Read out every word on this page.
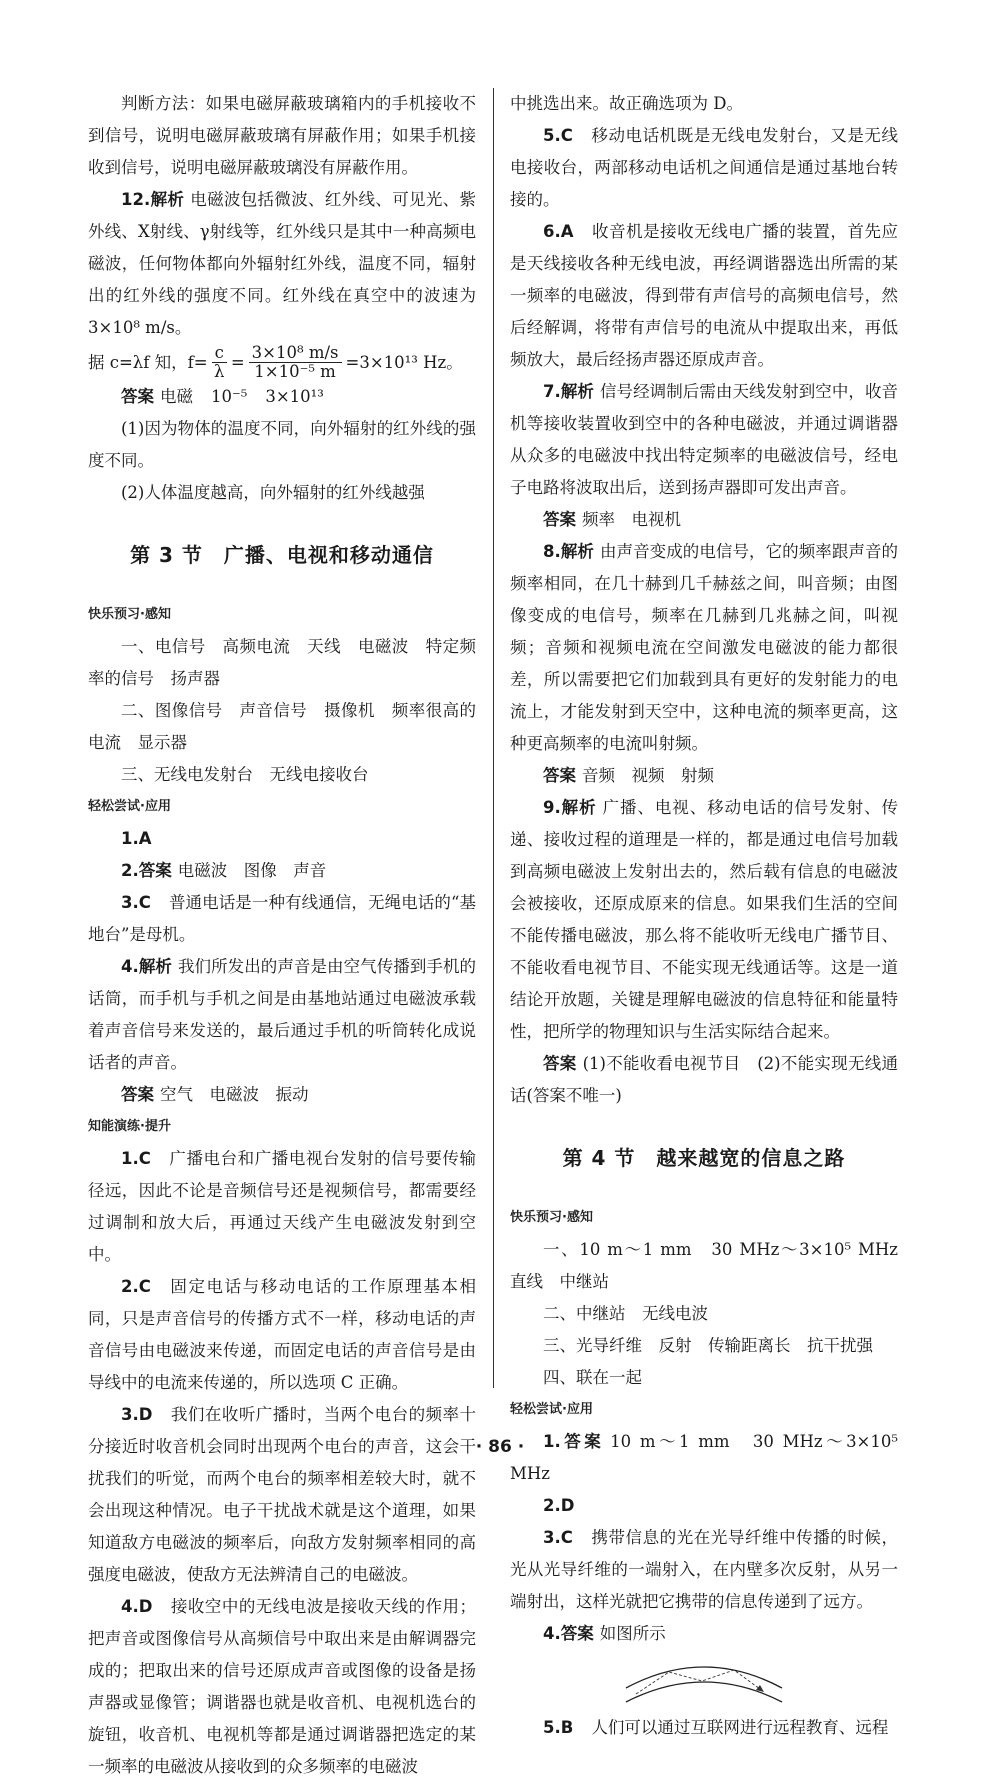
判断方法：如果电磁屏蔽玻璃箱内的手机接收不到信号，说明电磁屏蔽玻璃有屏蔽作用；如果手机接收到信号，说明电磁屏蔽玻璃没有屏蔽作用。

12.解析 电磁波包括微波、红外线、可见光、紫外线、X射线、γ射线等，红外线只是其中一种高频电磁波，任何物体都向外辐射红外线，温度不同，辐射出的红外线的强度不同。红外线在真空中的波速为 3×10⁸ m/s。

据 c=λf 知，$f= \frac{c}{\lambda} = \frac{\text{3×10⁸ m/s}}{\text{1×10⁻⁵ m}} =3\times 10^{13}$ Hz。

答案 电磁 10⁻⁵ 3×10¹³

(1)因为物体的温度不同，向外辐射的红外线的强度不同。

(2)人体温度越高，向外辐射的红外线越强

第 3 节　广播、电视和移动通信

快乐预习·感知

一、电信号　高频电流　天线　电磁波　特定频率的信号　扬声器

二、图像信号　声音信号　摄像机　频率很高的电流　显示器

三、无线电发射台　无线电接收台

轻松尝试·应用

1.A

2.答案 电磁波　图像　声音

3.C 普通电话是一种有线通信，无绳电话的“基地台”是母机。

4.解析 我们所发出的声音是由空气传播到手机的话筒，而手机与手机之间是由基地站通过电磁波承载着声音信号来发送的，最后通过手机的听筒转化成说话者的声音。

答案 空气　电磁波　振动

知能演练·提升

1.C 广播电台和广播电视台发射的信号要传输径远，因此不论是音频信号还是视频信号，都需要经过调制和放大后，再通过天线产生电磁波发射到空中。

2.C 固定电话与移动电话的工作原理基本相同，只是声音信号的传播方式不一样，移动电话的声音信号由电磁波来传递，而固定电话的声音信号是由导线中的电流来传递的，所以选项 C 正确。

3.D 我们在收听广播时，当两个电台的频率十分接近时收音机会同时出现两个电台的声音，这会干扰我们的听觉，而两个电台的频率相差较大时，就不会出现这种情况。电子干扰战术就是这个道理，如果知道敌方电磁波的频率后，向敌方发射频率相同的高强度电磁波，使敌方无法辨清自己的电磁波。

4.D 接收空中的无线电波是接收天线的作用；把声音或图像信号从高频信号中取出来是由解调器完成的；把取出来的信号还原成声音或图像的设备是扬声器或显像管；调谐器也就是收音机、电视机选台的旋钮，收音机、电视机等都是通过调谐器把选定的某一频率的电磁波从接收到的众多频率的电磁波

中挑选出来。故正确选项为 D。

5.C 移动电话机既是无线电发射台，又是无线电接收台，两部移动电话机之间通信是通过基地台转接的。

6.A 收音机是接收无线电广播的装置，首先应是天线接收各种无线电波，再经调谐器选出所需的某一频率的电磁波，得到带有声信号的高频电信号，然后经解调，将带有声信号的电流从中提取出来，再低频放大，最后经扬声器还原成声音。

7.解析 信号经调制后需由天线发射到空中，收音机等接收装置收到空中的各种电磁波，并通过调谐器从众多的电磁波中找出特定频率的电磁波信号，经电子电路将波取出后，送到扬声器即可发出声音。

答案 频率　电视机

8.解析 由声音变成的电信号，它的频率跟声音的频率相同，在几十赫到几千赫兹之间，叫音频；由图像变成的电信号，频率在几赫到几兆赫之间，叫视频；音频和视频电流在空间激发电磁波的能力都很差，所以需要把它们加载到具有更好的发射能力的电流上，才能发射到天空中，这种电流的频率更高，这种更高频率的电流叫射频。

答案 音频　视频　射频

9.解析 广播、电视、移动电话的信号发射、传递、接收过程的道理是一样的，都是通过电信号加载到高频电磁波上发射出去的，然后载有信息的电磁波会被接收，还原成原来的信息。如果我们生活的空间不能传播电磁波，那么将不能收听无线电广播节目、不能收看电视节目、不能实现无线通话等。这是一道结论开放题，关键是理解电磁波的信息特征和能量特性，把所学的物理知识与生活实际结合起来。

答案 (1)不能收看电视节目　(2)不能实现无线通话(答案不唯一)

第 4 节　越来越宽的信息之路

快乐预习·感知

一、10 m～1 mm　30 MHz～3×10⁵ MHz　直线　中继站

二、中继站　无线电波

三、光导纤维　反射　传输距离长　抗干扰强

四、联在一起

轻松尝试·应用

1.答案 10 m～1 mm　30 MHz～3×10⁵ MHz

2.D

3.C 携带信息的光在光导纤维中传播的时候，光从光导纤维的一端射入，在内壁多次反射，从另一端射出，这样光就把它携带的信息传递到了远方。

4.答案 如图所示

5.B 人们可以通过互联网进行远程教育、远程

· 86 ·
